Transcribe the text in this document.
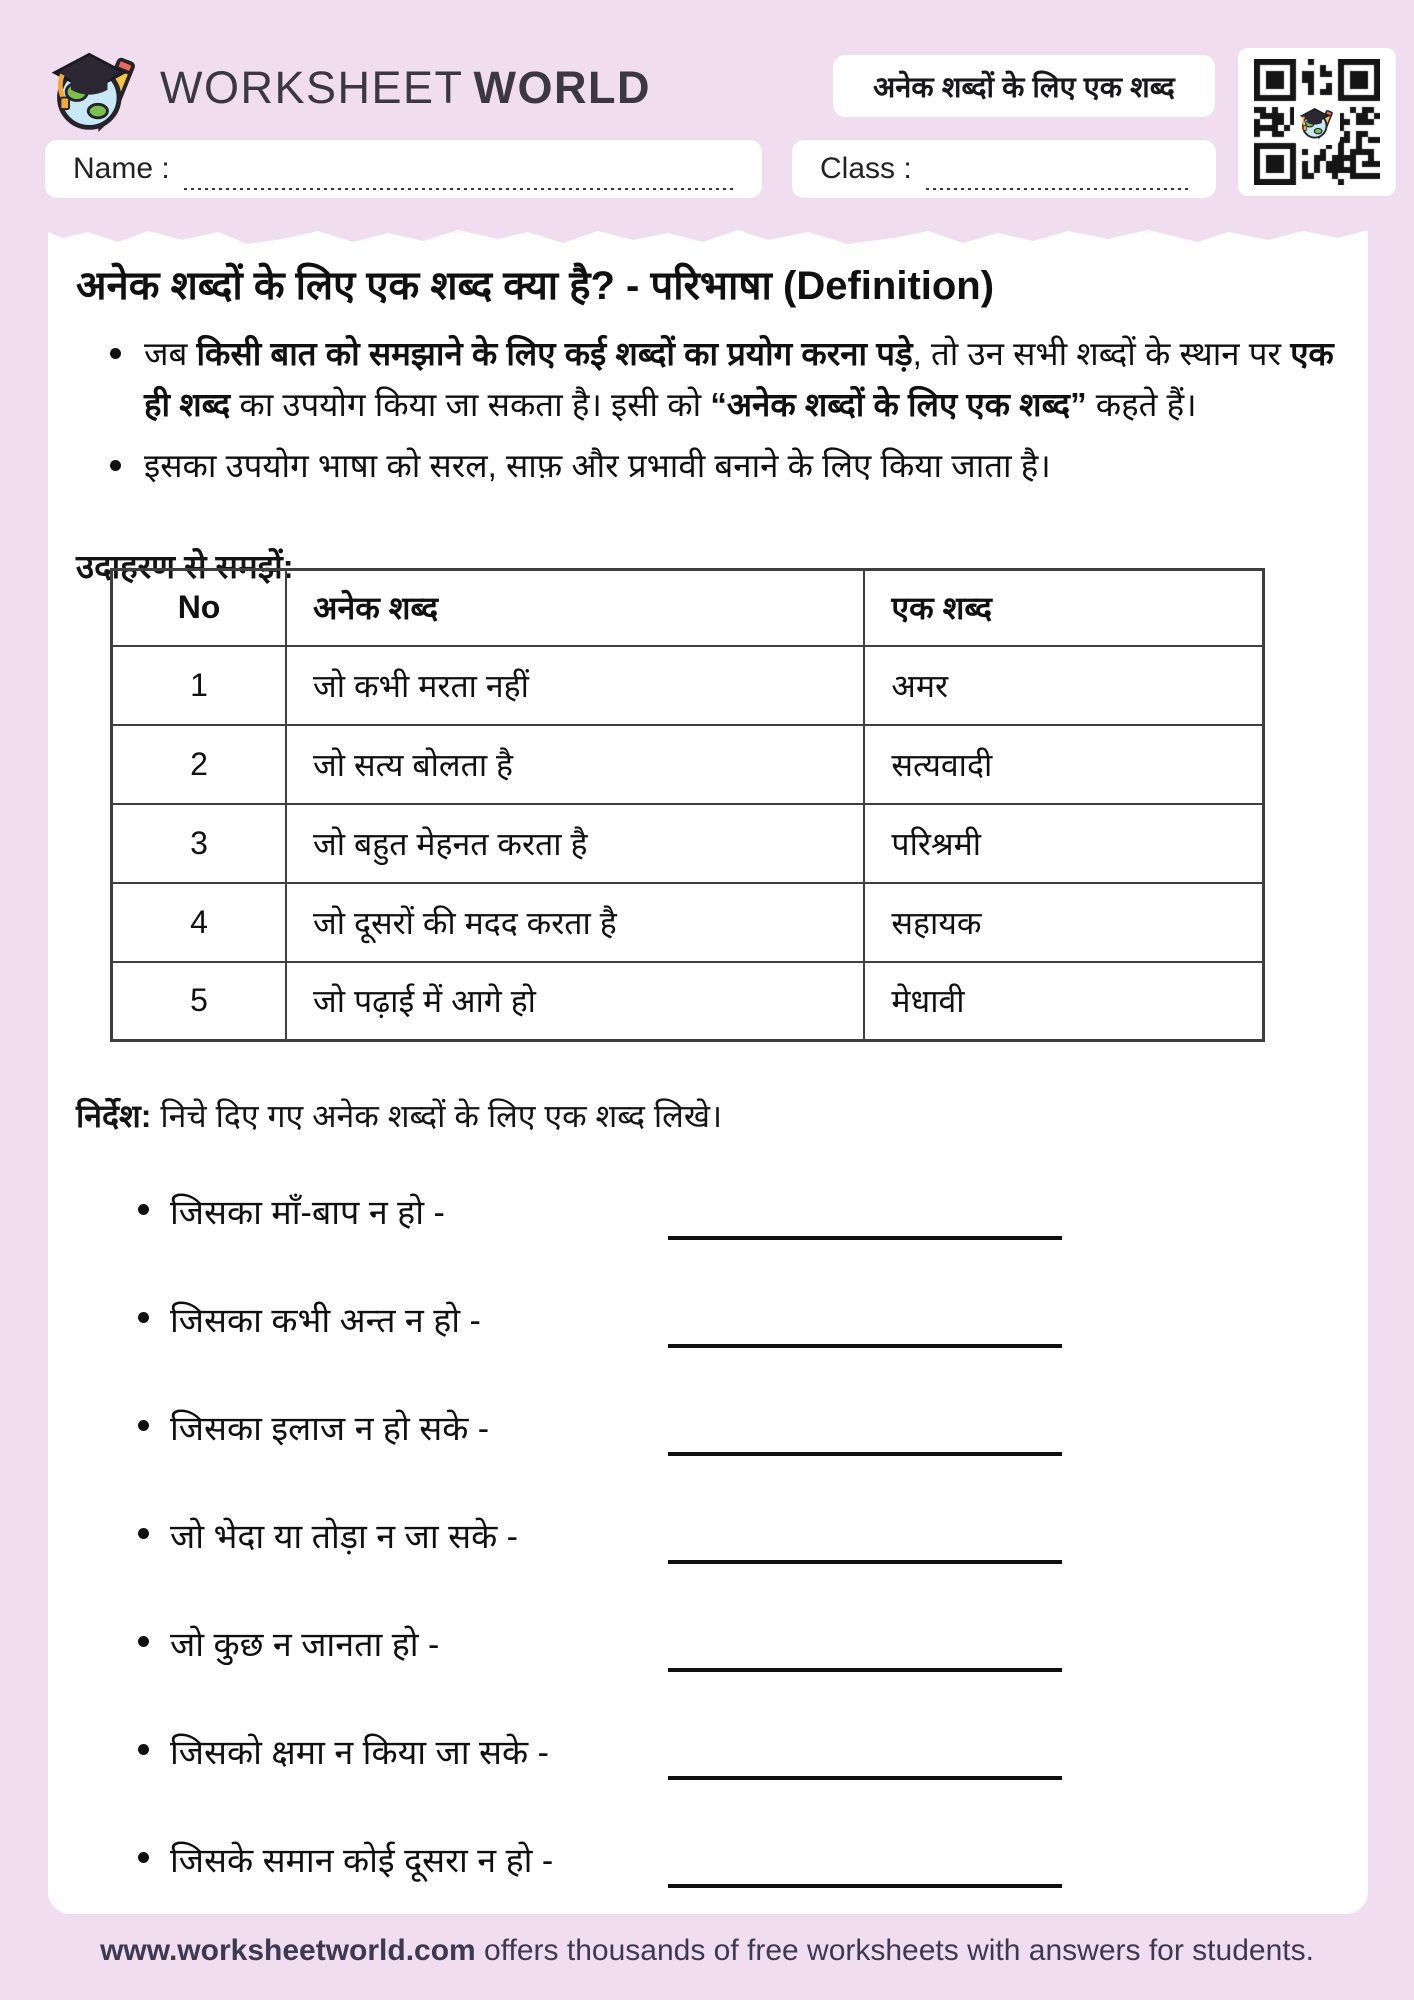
WORKSHEET WORLD	अनेक शब्दों के लिए एक शब्द
Name :	Class :
अनेक शब्दों के लिए एक शब्द क्या है? - परिभाषा (Definition)
जब किसी बात को समझाने के लिए कई शब्दों का प्रयोग करना पड़े, तो उन सभी शब्दों के स्थान पर एक ही शब्द का उपयोग किया जा सकता है। इसी को “अनेक शब्दों के लिए एक शब्द” कहते हैं।
इसका उपयोग भाषा को सरल, साफ़ और प्रभावी बनाने के लिए किया जाता है।
उदाहरण से समझें:
No	अनेक शब्द	एक शब्द
1	जो कभी मरता नहीं	अमर
2	जो सत्य बोलता है	सत्यवादी
3	जो बहुत मेहनत करता है	परिश्रमी
4	जो दूसरों की मदद करता है	सहायक
5	जो पढ़ाई में आगे हो	मेधावी

निर्देश: निचे दिए गए अनेक शब्दों के लिए एक शब्द लिखे।

जिसका माँ-बाप न हो -
जिसका कभी अन्त न हो -
जिसका इलाज न हो सके -
जो भेदा या तोड़ा न जा सके -
जो कुछ न जानता हो -
जिसको क्षमा न किया जा सके -
जिसके समान कोई दूसरा न हो -
www.worksheetworld.com offers thousands of free worksheets with answers for students.
